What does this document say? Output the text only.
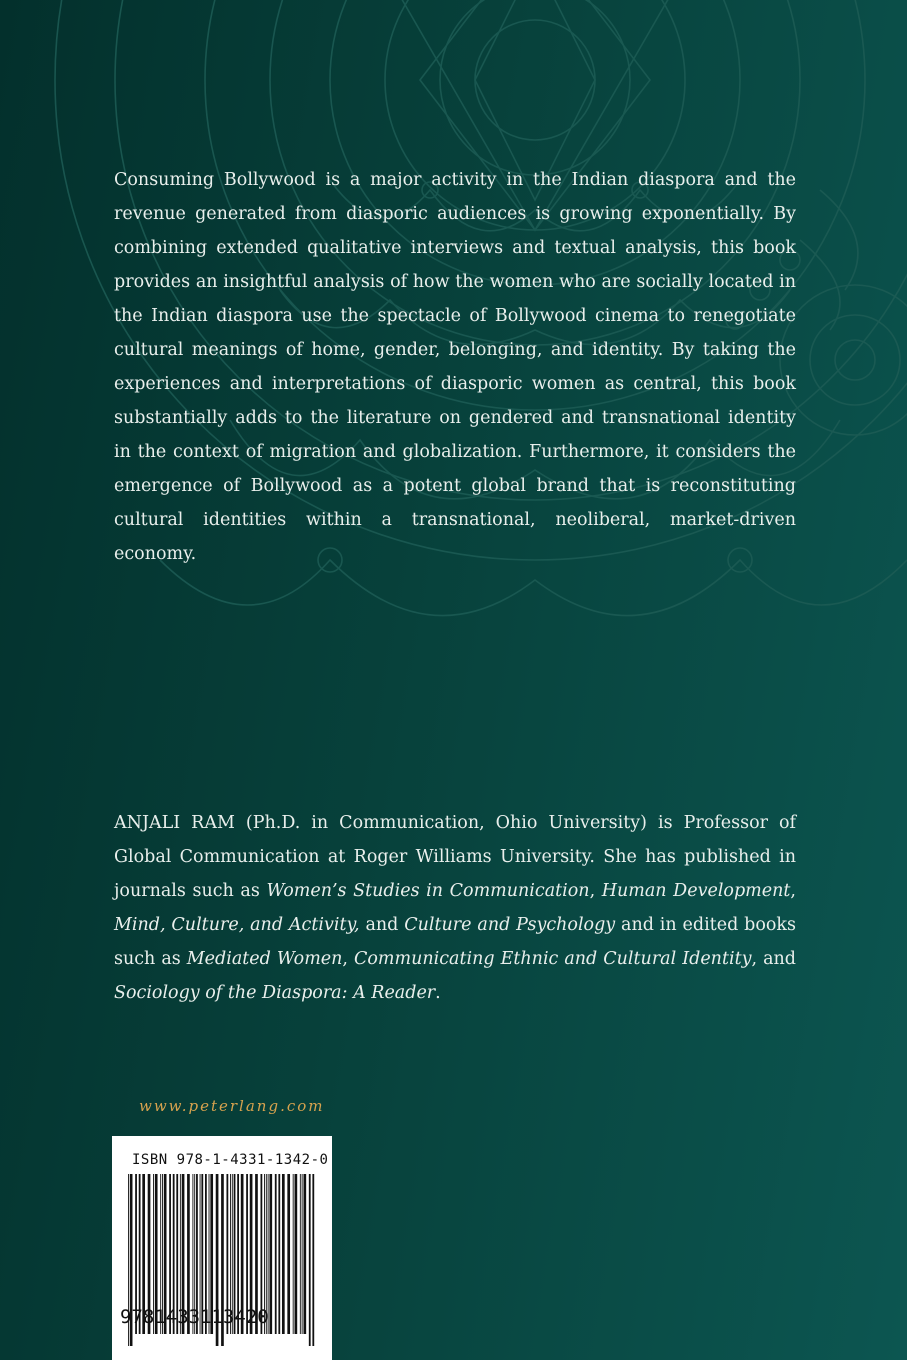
Consuming Bollywood is a major activity in the Indian diaspora and the revenue generated from diasporic audiences is growing exponentially. By combining extended qualitative interviews and textual analysis, this book provides an insightful analysis of how the women who are socially located in the Indian diaspora use the spectacle of Bollywood cinema to renegotiate cultural meanings of home, gender, belonging, and identity. By taking the experiences and interpretations of diasporic women as central, this book substantially adds to the literature on gendered and transnational identity in the context of migration and globalization. Furthermore, it considers the emergence of Bollywood as a potent global brand that is reconstituting cultural identities within a transnational, neoliberal, market-driven economy.

ANJALI RAM (Ph.D. in Communication, Ohio University) is Professor of Global Communication at Roger Williams University. She has published in journals such as Women’s Studies in Communication, Human Development, Mind, Culture, and Activity, and Culture and Psychology and in edited books such as Mediated Women, Communicating Ethnic and Cultural Identity, and Sociology of the Diaspora: A Reader.

www.peterlang.com
ISBN 978-1-4331-1342-0
9781433113420
